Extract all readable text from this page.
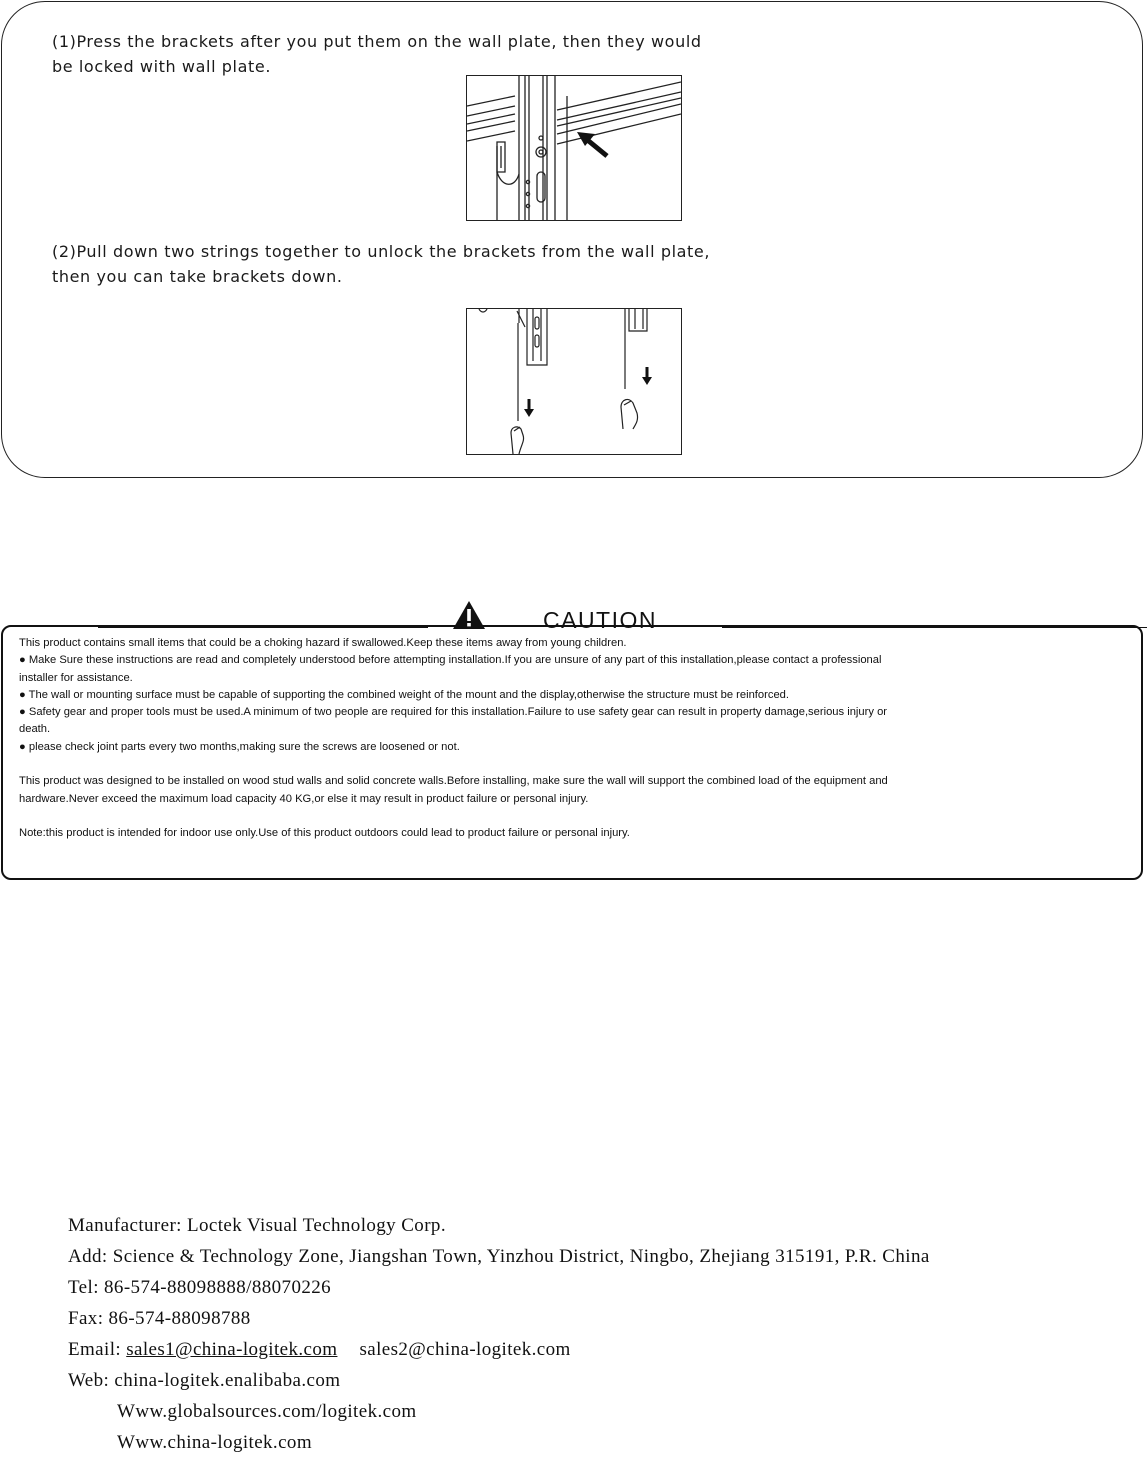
(1)Press the brackets after you put them on the wall plate, then they would
be locked with wall plate.
(2)Pull down two strings together to unlock the brackets from the wall plate,
then you can take brackets down.
CAUTION
This product contains small items that could be a choking hazard if swallowed.Keep these items away from young children.
● Make Sure these instructions are read and completely understood before attempting installation.If you are unsure of any part of this installation,please contact a professional
installer for assistance.
● The wall or mounting surface must be capable of supporting the combined weight of the mount and the display,otherwise the structure must be reinforced.
● Safety gear and proper tools must be used.A minimum of two people are required for this installation.Failure to use safety gear can result in property damage,serious injury or
death.
● please check joint parts every two months,making sure the screws are loosened or not.
This product was designed to be installed on wood stud walls and solid concrete walls.Before installing, make sure the wall will support the combined load of the equipment and
hardware.Never exceed the maximum load capacity 40 KG,or else it may result in product failure or personal injury.
Note:this product is intended for indoor use only.Use of this product outdoors could lead to product failure or personal injury.
Manufacturer: Loctek Visual Technology Corp.
Add: Science & Technology Zone, Jiangshan Town, Yinzhou District, Ningbo, Zhejiang 315191, P.R. China
Tel: 86-574-88098888/88070226
Fax: 86-574-88098788
Email: sales1@china-logitek.com sales2@china-logitek.com
Web: china-logitek.enalibaba.com
Www.globalsources.com/logitek.com
Www.china-logitek.com
